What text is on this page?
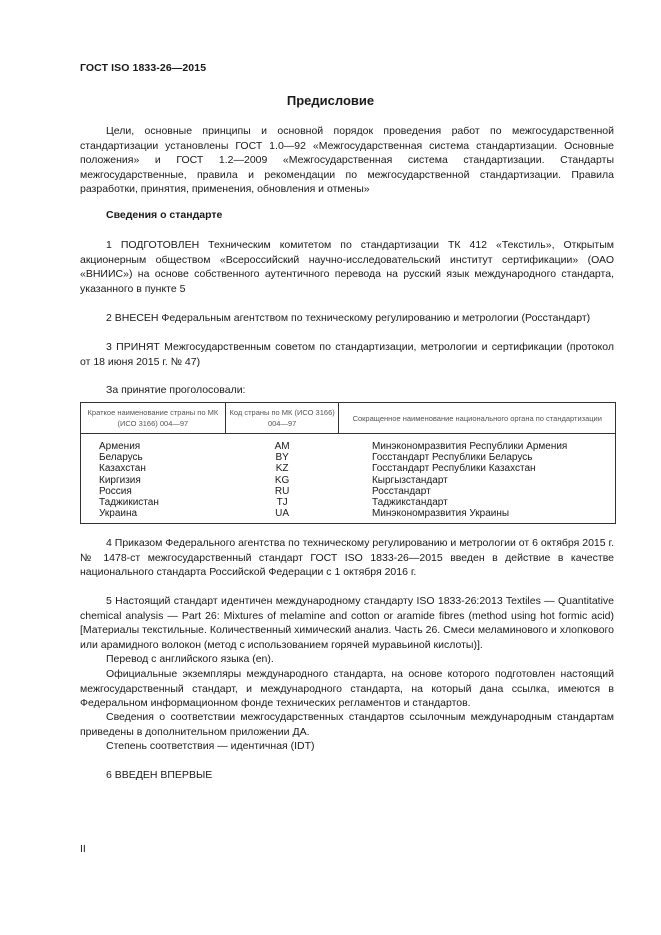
ГОСТ ISO 1833-26—2015
Предисловие
Цели, основные принципы и основной порядок проведения работ по межгосударственной стандартизации установлены ГОСТ 1.0—92 «Межгосударственная система стандартизации. Основные положения» и ГОСТ 1.2—2009 «Межгосударственная система стандартизации. Стандарты межгосударственные, правила и рекомендации по межгосударственной стандартизации. Правила разработки, принятия, применения, обновления и отмены»
Сведения о стандарте
1 ПОДГОТОВЛЕН Техническим комитетом по стандартизации ТК 412 «Текстиль», Открытым акционерным обществом «Всероссийский научно-исследовательский институт сертификации» (ОАО «ВНИИС») на основе собственного аутентичного перевода на русский язык международного стандарта, указанного в пункте 5
2 ВНЕСЕН Федеральным агентством по техническому регулированию и метрологии (Росстандарт)
3 ПРИНЯТ Межгосударственным советом по стандартизации, метрологии и сертификации (протокол от 18 июня 2015 г. № 47)
За принятие проголосовали:
Краткое наименование страны по МК (ИСО 3166) 004—97	Код страны по МК (ИСО 3166) 004—97	Сокращенное наименование национального органа по стандартизации
Армения	AM	Минэкономразвития Республики Армения
Беларусь	BY	Госстандарт Республики Беларусь
Казахстан	KZ	Госстандарт Республики Казахстан
Киргизия	KG	Кыргызстандарт
Россия	RU	Росстандарт
Таджикистан	TJ	Таджикстандарт
Украина	UA	Минэкономразвития Украины
4 Приказом Федерального агентства по техническому регулированию и метрологии от 6 октября 2015 г. № 1478-ст межгосударственный стандарт ГОСТ ISO 1833-26—2015 введен в действие в качестве национального стандарта Российской Федерации с 1 октября 2016 г.
5 Настоящий стандарт идентичен международному стандарту ISO 1833-26:2013 Textiles — Quantitative chemical analysis — Part 26: Mixtures of melamine and cotton or aramide fibres (method using hot formic acid) [Материалы текстильные. Количественный химический анализ. Часть 26. Смеси меламинового и хлопкового или арамидного волокон (метод с использованием горячей муравьиной кислоты)].
Перевод с английского языка (en).
Официальные экземпляры международного стандарта, на основе которого подготовлен настоящий межгосударственный стандарт, и международного стандарта, на который дана ссылка, имеются в Федеральном информационном фонде технических регламентов и стандартов.
Сведения о соответствии межгосударственных стандартов ссылочным международным стандартам приведены в дополнительном приложении ДА.
Степень соответствия — идентичная (IDT)
6 ВВЕДЕН ВПЕРВЫЕ
II
